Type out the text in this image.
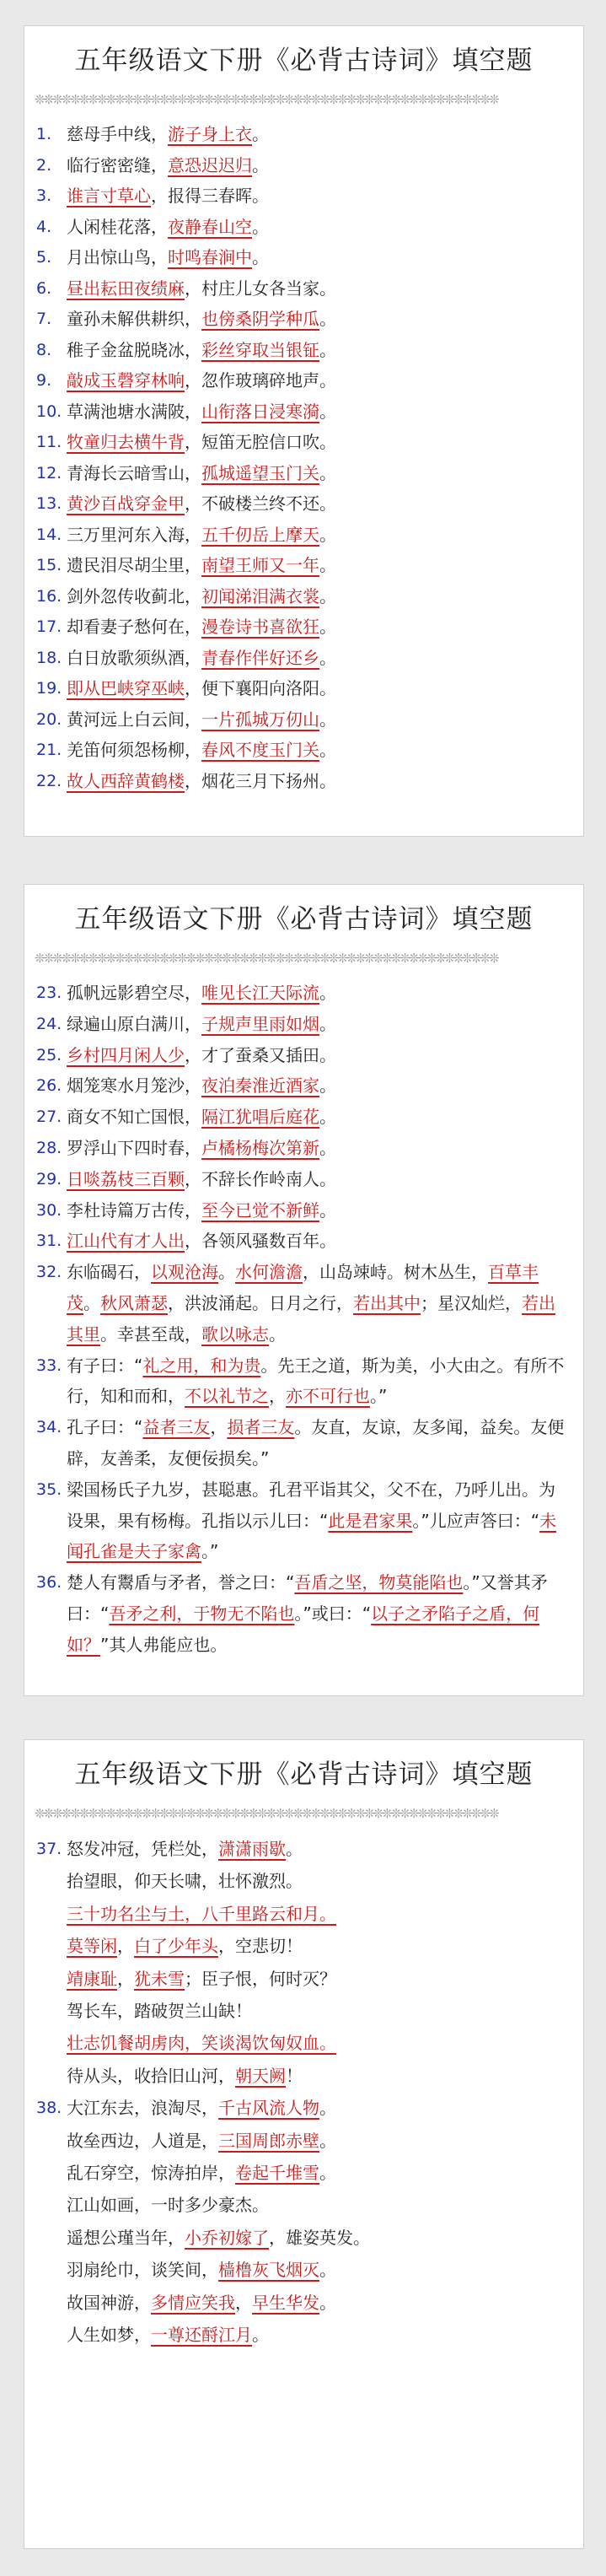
五年级语文下册《必背古诗词》填空题
❊❊❊❊❊❊❊❊❊❊❊❊❊❊❊❊❊❊❊❊❊❊❊❊❊❊❊❊❊❊❊❊❊❊❊❊❊❊❊❊❊❊❊❊❊❊❊❊❊❊❊❊
1. 慈母手中线，游子身上衣。
2. 临行密密缝，意恐迟迟归。
3. 谁言寸草心，报得三春晖。
4. 人闲桂花落，夜静春山空。
5. 月出惊山鸟，时鸣春涧中。
6. 昼出耘田夜绩麻，村庄儿女各当家。
7. 童孙未解供耕织，也傍桑阴学种瓜。
8. 稚子金盆脱晓冰，彩丝穿取当银钲。
9. 敲成玉磬穿林响，忽作玻璃碎地声。
10. 草满池塘水满陂，山衔落日浸寒漪。
11. 牧童归去横牛背，短笛无腔信口吹。
12. 青海长云暗雪山，孤城遥望玉门关。
13. 黄沙百战穿金甲，不破楼兰终不还。
14. 三万里河东入海，五千仞岳上摩天。
15. 遗民泪尽胡尘里，南望王师又一年。
16. 剑外忽传收蓟北，初闻涕泪满衣裳。
17. 却看妻子愁何在，漫卷诗书喜欲狂。
18. 白日放歌须纵酒，青春作伴好还乡。
19. 即从巴峡穿巫峡，便下襄阳向洛阳。
20. 黄河远上白云间，一片孤城万仞山。
21. 羌笛何须怨杨柳，春风不度玉门关。
22. 故人西辞黄鹤楼，烟花三月下扬州。
五年级语文下册《必背古诗词》填空题
❊❊❊❊❊❊❊❊❊❊❊❊❊❊❊❊❊❊❊❊❊❊❊❊❊❊❊❊❊❊❊❊❊❊❊❊❊❊❊❊❊❊❊❊❊❊❊❊❊❊❊❊
23. 孤帆远影碧空尽，唯见长江天际流。
24. 绿遍山原白满川，子规声里雨如烟。
25. 乡村四月闲人少，才了蚕桑又插田。
26. 烟笼寒水月笼沙，夜泊秦淮近酒家。
27. 商女不知亡国恨，隔江犹唱后庭花。
28. 罗浮山下四时春，卢橘杨梅次第新。
29. 日啖荔枝三百颗，不辞长作岭南人。
30. 李杜诗篇万古传，至今已觉不新鲜。
31. 江山代有才人出，各领风骚数百年。
32. 东临碣石，以观沧海。水何澹澹，山岛竦峙。树木丛生，百草丰茂。秋风萧瑟，洪波涌起。日月之行，若出其中；星汉灿烂，若出其里。幸甚至哉，歌以咏志。
33. 有子曰：“礼之用，和为贵。先王之道，斯为美，小大由之。有所不行，知和而和，不以礼节之，亦不可行也。”
34. 孔子曰：“益者三友，损者三友。友直，友谅，友多闻，益矣。友便辟，友善柔，友便佞损矣。”
35. 梁国杨氏子九岁，甚聪惠。孔君平诣其父，父不在，乃呼儿出。为设果，果有杨梅。孔指以示儿曰：“此是君家果。”儿应声答曰：“未闻孔雀是夫子家禽。”
36. 楚人有鬻盾与矛者，誉之曰：“吾盾之坚，物莫能陷也。”又誉其矛曰：“吾矛之利，于物无不陷也。”或曰：“以子之矛陷子之盾，何如？”其人弗能应也。
五年级语文下册《必背古诗词》填空题
❊❊❊❊❊❊❊❊❊❊❊❊❊❊❊❊❊❊❊❊❊❊❊❊❊❊❊❊❊❊❊❊❊❊❊❊❊❊❊❊❊❊❊❊❊❊❊❊❊❊❊❊
37. 怒发冲冠，凭栏处，潇潇雨歇。
抬望眼，仰天长啸，壮怀激烈。
三十功名尘与土，八千里路云和月。
莫等闲，白了少年头，空悲切！
靖康耻，犹未雪；臣子恨，何时灭？
驾长车，踏破贺兰山缺！
壮志饥餐胡虏肉，笑谈渴饮匈奴血。
待从头，收拾旧山河，朝天阙！
38. 大江东去，浪淘尽，千古风流人物。
故垒西边，人道是，三国周郎赤壁。
乱石穿空，惊涛拍岸，卷起千堆雪。
江山如画，一时多少豪杰。
遥想公瑾当年，小乔初嫁了，雄姿英发。
羽扇纶巾，谈笑间，樯橹灰飞烟灭。
故国神游，多情应笑我，早生华发。
人生如梦，一尊还酹江月。
